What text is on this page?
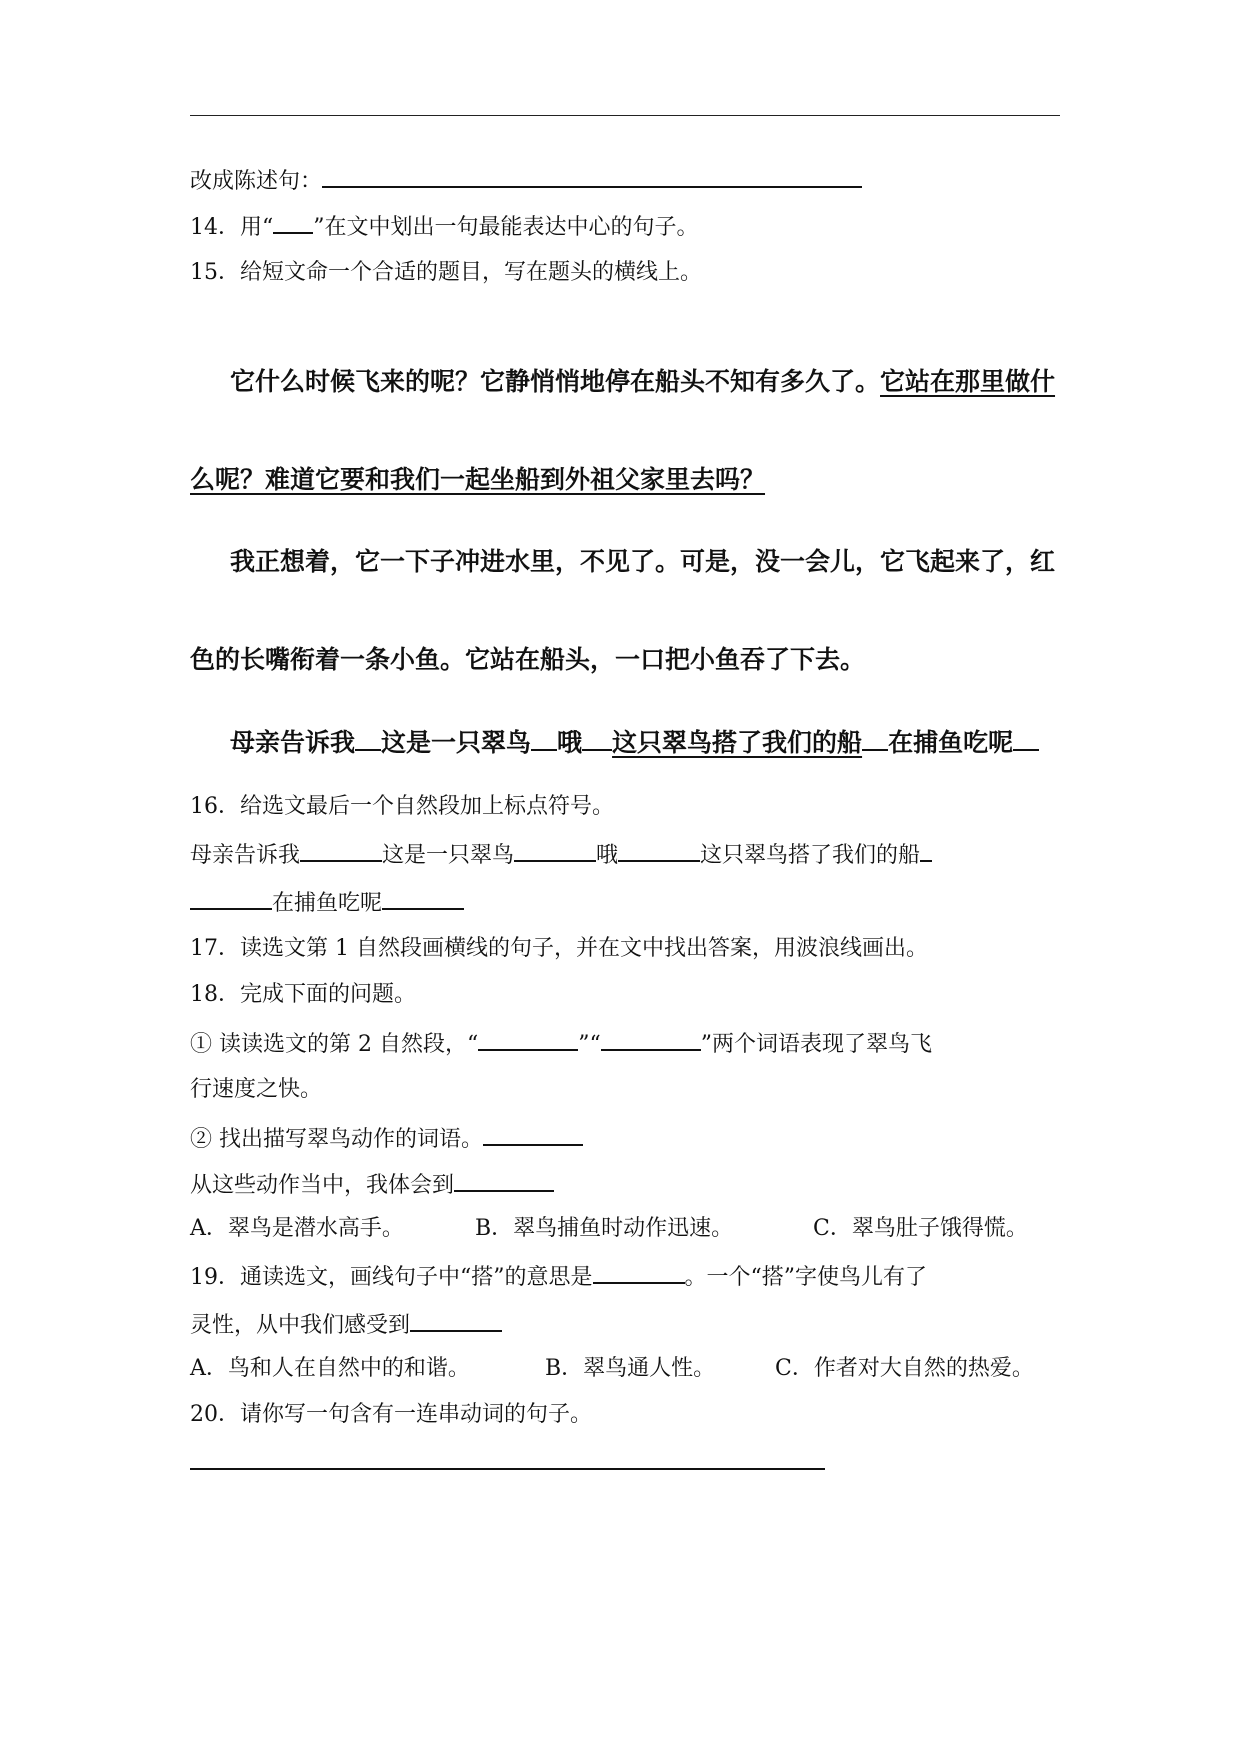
改成陈述句：
14．用“ ”在文中划出一句最能表达中心的句子。
15．给短文命一个合适的题目，写在题头的横线上。
它什么时候飞来的呢？它静悄悄地停在船头不知有多久了。它站在那里做什
么呢？难道它要和我们一起坐船到外祖父家里去吗？
我正想着，它一下子冲进水里，不见了。可是，没一会儿，它飞起来了，红
色的长嘴衔着一条小鱼。它站在船头，一口把小鱼吞了下去。
母亲告诉我 这是一只翠鸟 哦 这只翠鸟搭了我们的船 在捕鱼吃呢
16．给选文最后一个自然段加上标点符号。
母亲告诉我	这是一只翠鸟	哦	这只翠鸟搭了我们的船
在捕鱼吃呢
17．读选文第 1 自然段画横线的句子，并在文中找出答案，用波浪线画出。
18．完成下面的问题。
① 读读选文的第 2 自然段，“	”“	”两个词语表现了翠鸟飞
行速度之快。
② 找出描写翠鸟动作的词语。
从这些动作当中，我体会到
A．翠鸟是潜水高手。	B．翠鸟捕鱼时动作迅速。	C．翠鸟肚子饿得慌。
19．通读选文，画线句子中“搭”的意思是	。一个“搭”字使鸟儿有了
灵性，从中我们感受到
A．鸟和人在自然中的和谐。	B．翠鸟通人性。	C．作者对大自然的热爱。
20．请你写一句含有一连串动词的句子。
